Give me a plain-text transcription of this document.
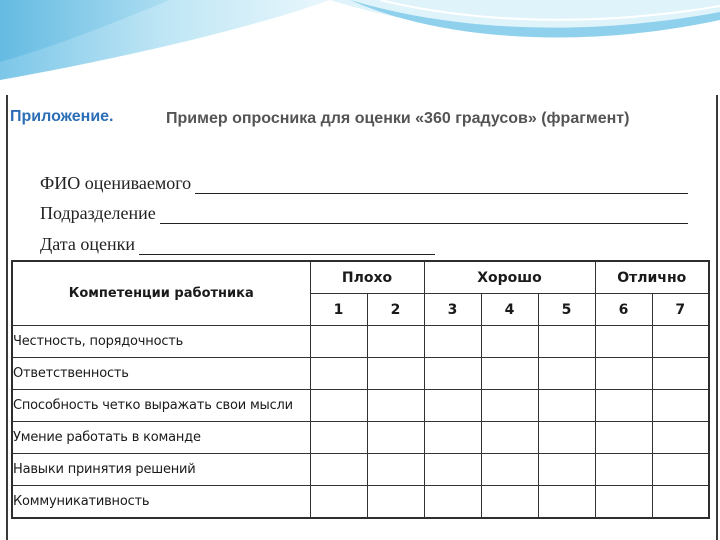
Приложение.	Пример опросника для оценки «360 градусов» (фрагмент)
ФИО оцениваемого
Подразделение
Дата оценки
Компетенции работника	Плохо		Хорошо			Отлично	
	1	2	3	4	5	6	7
Честность, порядочность							
Ответственность							
Способность четко выражать свои мысли							
Умение работать в команде							
Навыки принятия решений							
Коммуникативность							
